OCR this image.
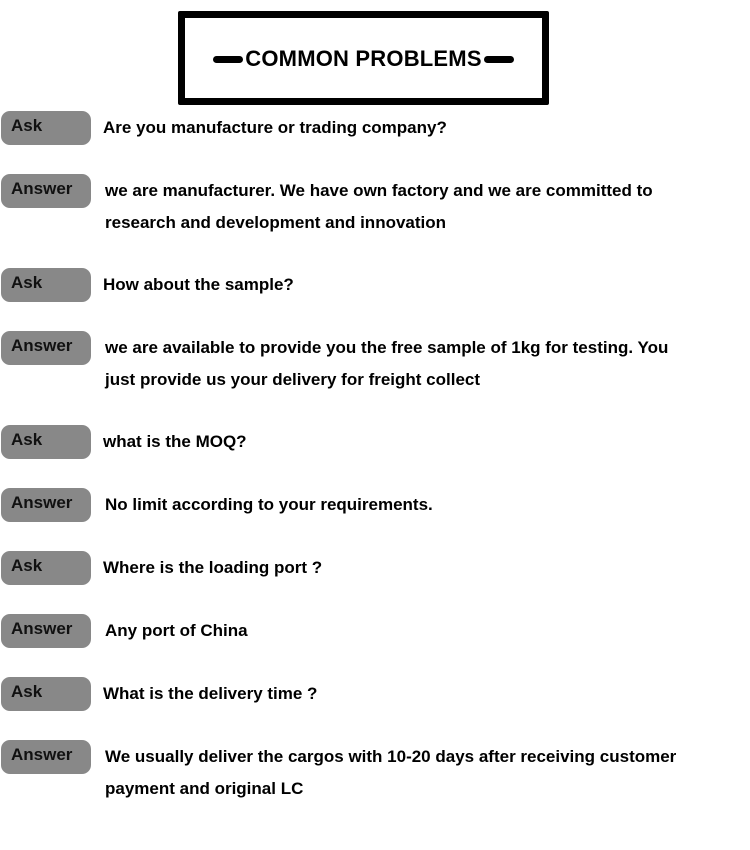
COMMON PROBLEMS
Ask	Are you manufacture or trading company?
Answer	we are manufacturer. We have own factory and we are committed to
research and development and innovation
Ask	How about the sample?
Answer	we are available to provide you the free sample of 1kg for testing. You
just provide us your delivery for freight collect
Ask	what is the MOQ?
Answer	No limit according to your requirements.
Ask	Where is the loading port ?
Answer	Any port of China
Ask	What is the delivery time ?
Answer	We usually deliver the cargos with 10-20 days after receiving customer
payment and original LC
